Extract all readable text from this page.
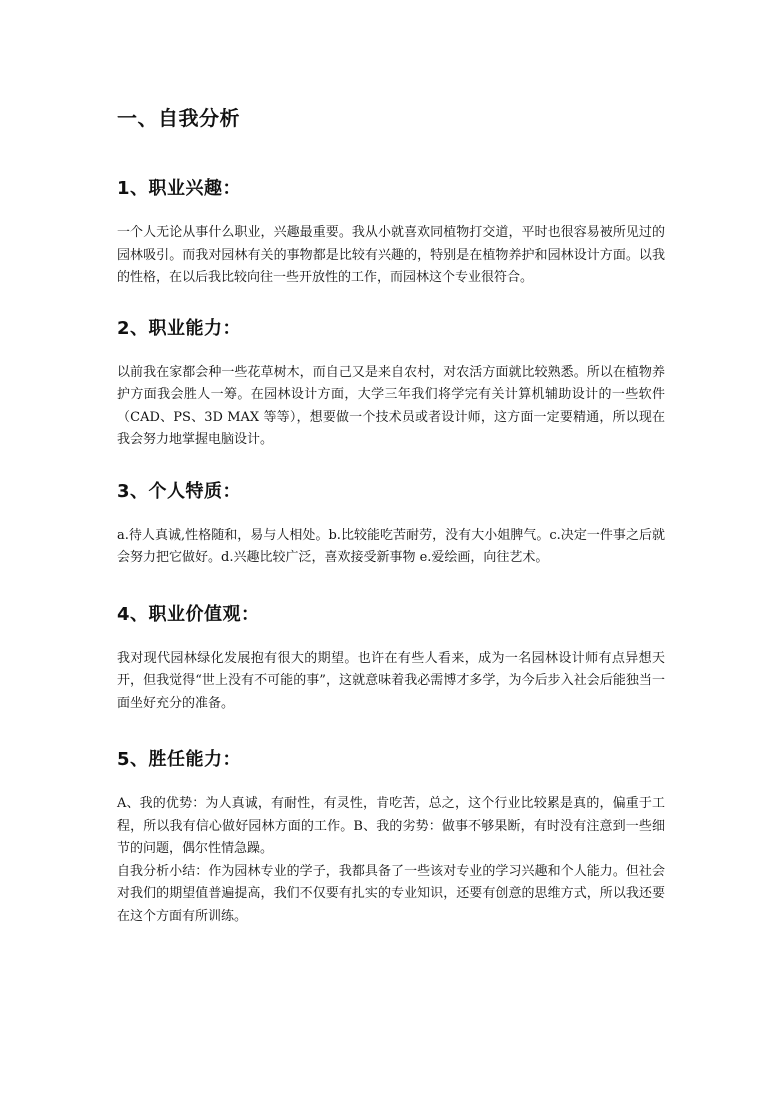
一、自我分析
1、职业兴趣：

一个人无论从事什么职业，兴趣最重要。我从小就喜欢同植物打交道，平时也很容易被所见过的园林吸引。而我对园林有关的事物都是比较有兴趣的，特别是在植物养护和园林设计方面。以我的性格，在以后我比较向往一些开放性的工作，而园林这个专业很符合。

2、职业能力：

以前我在家都会种一些花草树木，而自己又是来自农村，对农活方面就比较熟悉。所以在植物养护方面我会胜人一筹。在园林设计方面，大学三年我们将学完有关计算机辅助设计的一些软件（CAD、PS、3D MAX 等等），想要做一个技术员或者设计师，这方面一定要精通，所以现在我会努力地掌握电脑设计。

3、个人特质：

a.待人真诚,性格随和，易与人相处。b.比较能吃苦耐劳，没有大小姐脾气。c.决定一件事之后就会努力把它做好。d.兴趣比较广泛，喜欢接受新事物 e.爱绘画，向往艺术。

4、职业价值观：

我对现代园林绿化发展抱有很大的期望。也许在有些人看来，成为一名园林设计师有点异想天开，但我觉得“世上没有不可能的事”，这就意味着我必需博才多学，为今后步入社会后能独当一面坐好充分的准备。

5、胜任能力：

A、我的优势：为人真诚，有耐性，有灵性，肯吃苦，总之，这个行业比较累是真的，偏重于工程，所以我有信心做好园林方面的工作。B、我的劣势：做事不够果断，有时没有注意到一些细节的问题，偶尔性情急躁。

自我分析小结：作为园林专业的学子，我都具备了一些该对专业的学习兴趣和个人能力。但社会对我们的期望值普遍提高，我们不仅要有扎实的专业知识，还要有创意的思维方式，所以我还要在这个方面有所训练。
